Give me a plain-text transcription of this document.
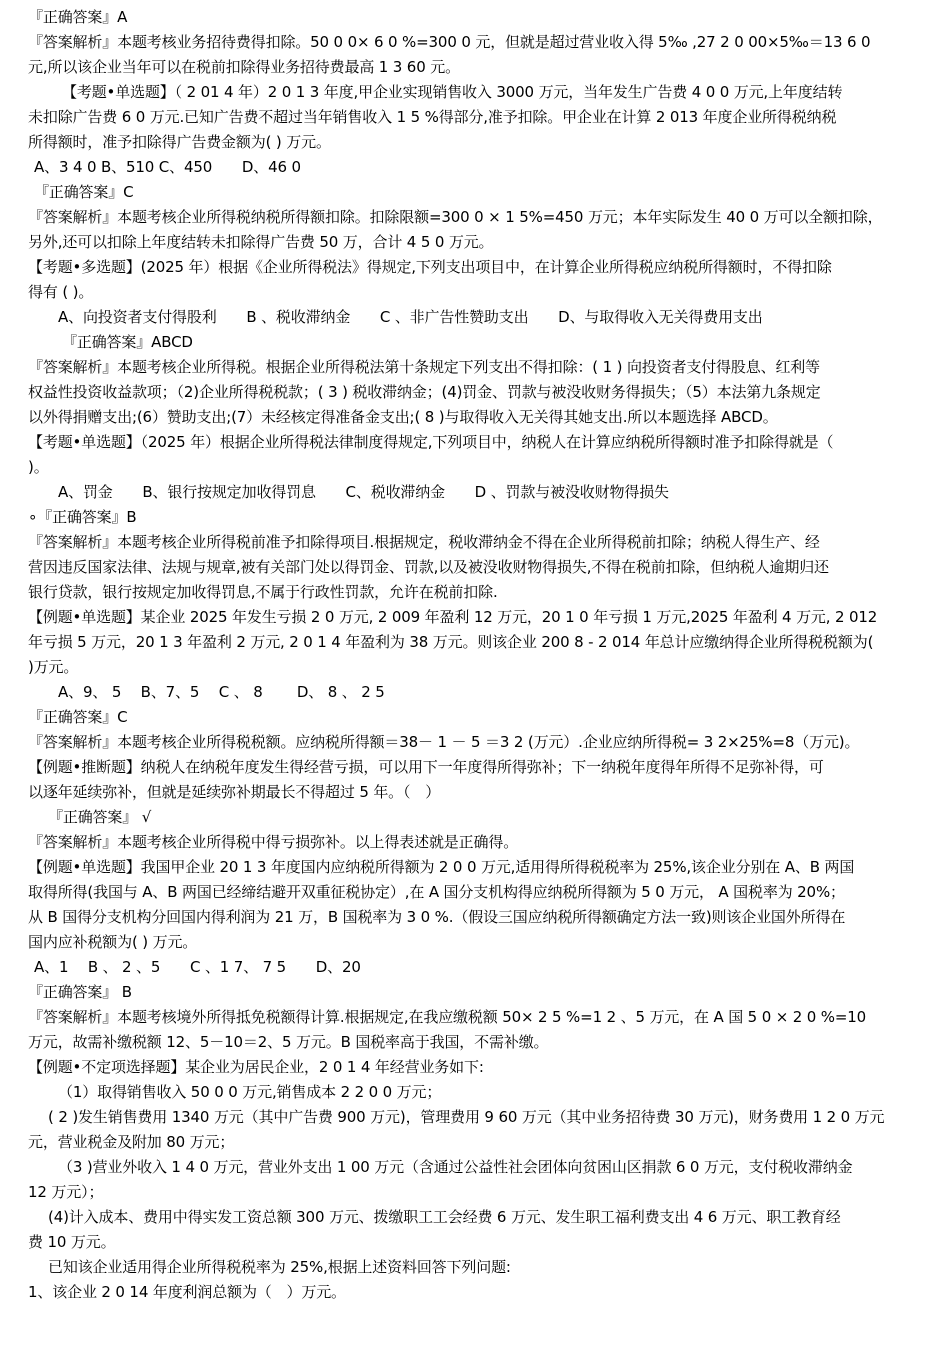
『正确答案』A
『答案解析』本题考核业务招待费得扣除。50 0 0× 6 0 %=300 0 元，但就是超过营业收入得 5‰ ,27 2 0 00×5‰＝13 6 0
元,所以该企业当年可以在税前扣除得业务招待费最高 1 3 60 元。
【考题•单选题】（ 2 01 4 年）2 0 1 3 年度,甲企业实现销售收入 3000 万元，当年发生广告费 4 0 0 万元,上年度结转
未扣除广告费 6 0 万元.已知广告费不超过当年销售收入 1 5 %得部分,准予扣除。甲企业在计算 2 013 年度企业所得税纳税
所得额时，准予扣除得广告费金额为( ) 万元。
A、3 4 0 B、510 C、450　　D、46 0
『正确答案』C
『答案解析』本题考核企业所得税纳税所得额扣除。扣除限额=300 0 × 1 5%=450 万元；本年实际发生 40 0 万可以全额扣除，
另外,还可以扣除上年度结转未扣除得广告费 50 万，合计 4 5 0 万元。
【考题•多选题】(2025 年）根据《企业所得税法》得规定,下列支出项目中，在计算企业所得税应纳税所得额时，不得扣除
得有 ( )。
A、向投资者支付得股利　　B 、税收滞纳金　　C 、非广告性赞助支出　　D、与取得收入无关得费用支出
『正确答案』ABCD
『答案解析』本题考核企业所得税。根据企业所得税法第十条规定下列支出不得扣除：( 1 ) 向投资者支付得股息、红利等
权益性投资收益款项；（2)企业所得税税款；( 3 ) 税收滞纳金；(4)罚金、罚款与被没收财务得损失；（5）本法第九条规定
以外得捐赠支出;(6）赞助支出;(7）未经核定得准备金支出;( 8 )与取得收入无关得其她支出.所以本题选择 ABCD。
【考题•单选题】（2025 年）根据企业所得税法律制度得规定,下列项目中，纳税人在计算应纳税所得额时准予扣除得就是（
)。
A、罚金　　B、银行按规定加收得罚息　　C、税收滞纳金　　D 、罚款与被没收财物得损失
∘『正确答案』B
『答案解析』本题考核企业所得税前准予扣除得项目.根据规定，税收滞纳金不得在企业所得税前扣除；纳税人得生产、经
营因违反国家法律、法规与规章,被有关部门处以得罚金、罚款,以及被没收财物得损失,不得在税前扣除，但纳税人逾期归还
银行贷款，银行按规定加收得罚息,不属于行政性罚款，允许在税前扣除.
【例题•单选题】某企业 2025 年发生亏损 2 0 万元, 2 009 年盈利 12 万元，20 1 0 年亏损 1 万元,2025 年盈利 4 万元, 2 012
年亏损 5 万元，20 1 3 年盈利 2 万元, 2 0 1 4 年盈利为 38 万元。则该企业 200 8 - 2 014 年总计应缴纳得企业所得税税额为(
)万元。
A、9、 5　 B、7、5　 C 、 8　　 D、 8 、 2 5
『正确答案』C
『答案解析』本题考核企业所得税税额。应纳税所得额＝38－ 1 － 5 ＝3 2 (万元）.企业应纳所得税= 3 2×25%=8（万元)。
【例题•推断题】纳税人在纳税年度发生得经营亏损，可以用下一年度得所得弥补；下一纳税年度得年所得不足弥补得，可
以逐年延续弥补，但就是延续弥补期最长不得超过 5 年。（　）
『正确答案』 √
『答案解析』本题考核企业所得税中得亏损弥补。以上得表述就是正确得。
【例题•单选题】我国甲企业 20 1 3 年度国内应纳税所得额为 2 0 0 万元,适用得所得税税率为 25%,该企业分别在 A、B 两国
取得所得(我国与 A、B 两国已经缔结避开双重征税协定）,在 A 国分支机构得应纳税所得额为 5 0 万元， A 国税率为 20%；
从 B 国得分支机构分回国内得利润为 21 万，B 国税率为 3 0 %.（假设三国应纳税所得额确定方法一致)则该企业国外所得在
国内应补税额为( ) 万元。
A、1　 B 、 2 、5　　C 、1 7、 7 5　　D、20
『正确答案』 B
『答案解析』本题考核境外所得抵免税额得计算.根据规定,在我应缴税额 50× 2 5 %=1 2 、5 万元，在 A 国 5 0 × 2 0 %=10
万元，故需补缴税额 12、5－10＝2、5 万元。B 国税率高于我国，不需补缴。
【例题•不定项选择题】某企业为居民企业，2 0 1 4 年经营业务如下:
（1）取得销售收入 50 0 0 万元,销售成本 2 2 0 0 万元；
( 2 )发生销售费用 1340 万元（其中广告费 900 万元)，管理费用 9 60 万元（其中业务招待费 30 万元)，财务费用 1 2 0 万元
元，营业税金及附加 80 万元；
（3 )营业外收入 1 4 0 万元，营业外支出 1 00 万元（含通过公益性社会团体向贫困山区捐款 6 0 万元，支付税收滞纳金
12 万元）；
(4)计入成本、费用中得实发工资总额 300 万元、拨缴职工工会经费 6 万元、发生职工福利费支出 4 6 万元、职工教育经
费 10 万元。
已知该企业适用得企业所得税税率为 25%,根据上述资料回答下列问题:
1、该企业 2 0 14 年度利润总额为（　）万元。
